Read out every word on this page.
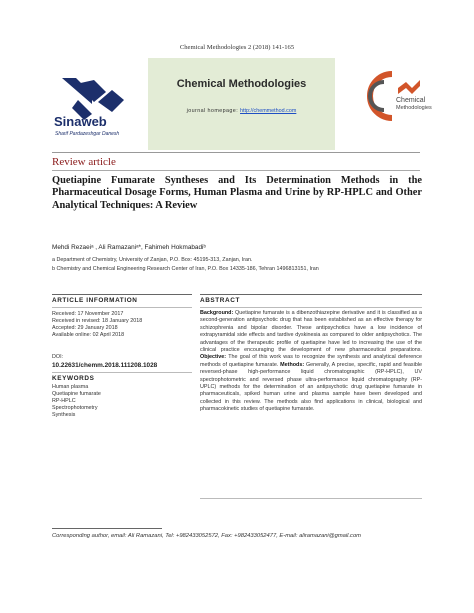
Chemical Methodologies 2 (2018) 141-165
Sinaweb
Sharif Pardazeshgar Danesh
Chemical Methodologies
journal homepage: http://chemmethod.com
Chemical
Methodologies
Review article
Quetiapine Fumarate Syntheses and Its Determination Methods in the Pharmaceutical Dosage Forms, Human Plasma and Urine by RP-HPLC and Other Analytical Techniques: A Review
Mehdi Rezaeiᵃ , Ali Ramazaniᵃ*, Fahimeh Hokmabadiᵇ
a Department of Chemistry, University of Zanjan, P.O. Box: 45195-313, Zanjan, Iran.
b Chemistry and Chemical Engineering Research Center of Iran, P.O. Box 14335-186, Tehran 1496813151, Iran
ARTICLE INFORMATION
Received: 17 November 2017
Received in revised: 18 January 2018
Accepted: 29 January 2018
Available online: 02 April 2018
DOI:
10.22631/chemm.2018.111208.1028
KEYWORDS
Human plasma
Quetiapine fumarate
RP-HPLC
Spectrophotometry
Synthesis
ABSTRACT
Background: Quetiapine fumarate is a dibenzothiazepine derivative and it is classified as a second-generation antipsychotic drug that has been established as an effective therapy for schizophrenia and bipolar disorder. These antipsychotics have a low incidence of extrapyramidal side effects and tardive dyskinesia as compared to older antipsychotics. The advantages of the therapeutic profile of quetiapine have led to increasing the use of the clinical practice encouraging the development of new pharmaceutical preparations. Objective: The goal of this work was to recognize the synthesis and analytical deference methods of quetiapine fumarate. Methods: Generally, A precise, specific, rapid and feasible reversed-phase high-performance liquid chromatographic (RP-HPLC), UV spectrophotometric and reversed phase ultra-performance liquid chromatography (RP-UPLC) methods for the determination of an antipsychotic drug quetiapine fumarate in pharmaceuticals, spiked human urine and plasma sample have been developed and collected in this review. The methods also find applications in clinical, biological and pharmacokinetic studies of quetiapine fumarate.
Corresponding author, email: Ali Ramazani, Tel: +982433052572, Fax: +982433052477, E-mail: aliramazani@gmail.com
